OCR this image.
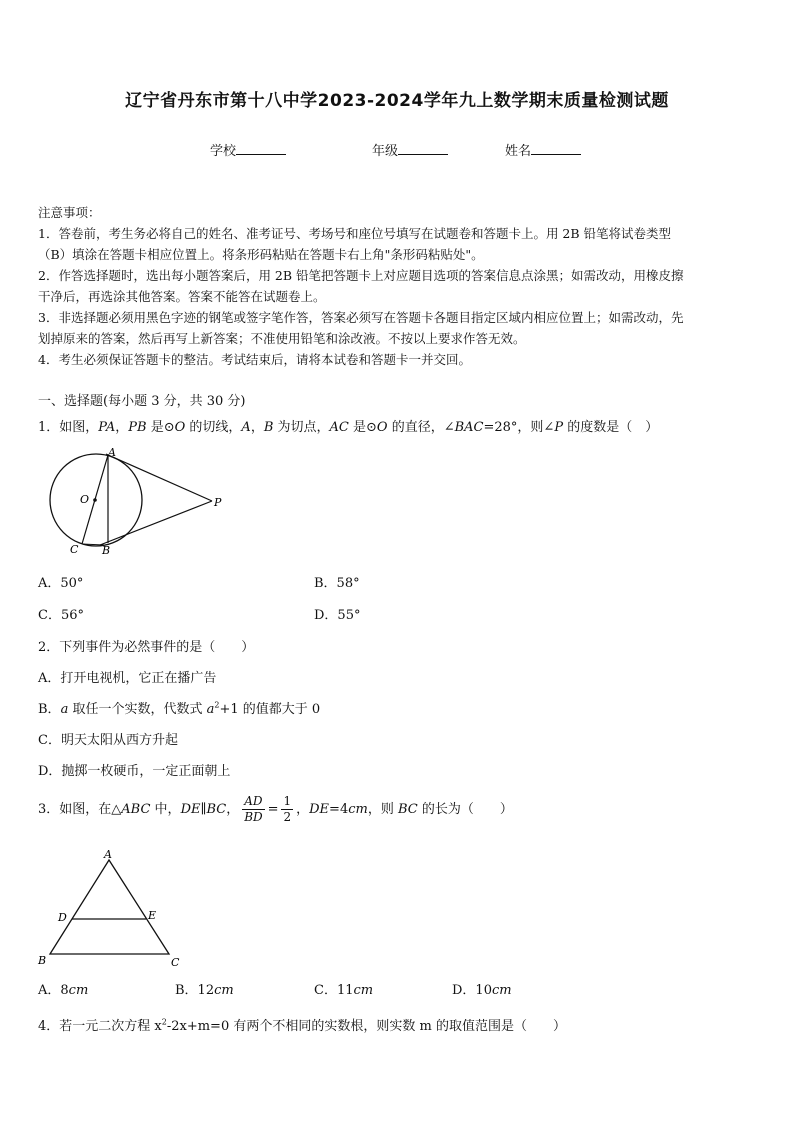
辽宁省丹东市第十八中学2023-2024学年九上数学期末质量检测试题
学校	年级	姓名

注意事项：

1．答卷前，考生务必将自己的姓名、准考证号、考场号和座位号填写在试题卷和答题卡上。用 2B 铅笔将试卷类型

（B）填涂在答题卡相应位置上。将条形码粘贴在答题卡右上角"条形码粘贴处"。

2．作答选择题时，选出每小题答案后，用 2B 铅笔把答题卡上对应题目选项的答案信息点涂黑；如需改动，用橡皮擦

干净后，再选涂其他答案。答案不能答在试题卷上。

3．非选择题必须用黑色字迹的钢笔或签字笔作答，答案必须写在答题卡各题目指定区域内相应位置上；如需改动，先

划掉原来的答案，然后再写上新答案；不准使用铅笔和涂改液。不按以上要求作答无效。

4．考生必须保证答题卡的整洁。考试结束后，请将本试卷和答题卡一并交回。

一、选择题(每小题 3 分，共 30 分)
1．如图，PA，PB 是⊙O 的切线，A，B 为切点，AC 是⊙O 的直径，∠BAC=28°，则∠P 的度数是（　）
A
O	P
C B
A．50°	B．58°
C．56°	D．55°
2．下列事件为必然事件的是（　　）
A．打开电视机，它正在播广告
B．a 取任一个实数，代数式 $a^2+1$ 的值都大于 0
C．明天太阳从西方升起
D．抛掷一枚硬币，一定正面朝上
3．如图，在△ABC 中，DE∥BC， $\frac{AD}{BD} = \frac{1}{2}$ ，DE=4cm，则 BC 的长为（　　）
A
D	E
B	C
A．8cm	B．12cm	C．11cm	D．10cm
4．若一元二次方程 $x^2-2x+m=0$ 有两个不相同的实数根，则实数 m 的取值范围是（　　）
